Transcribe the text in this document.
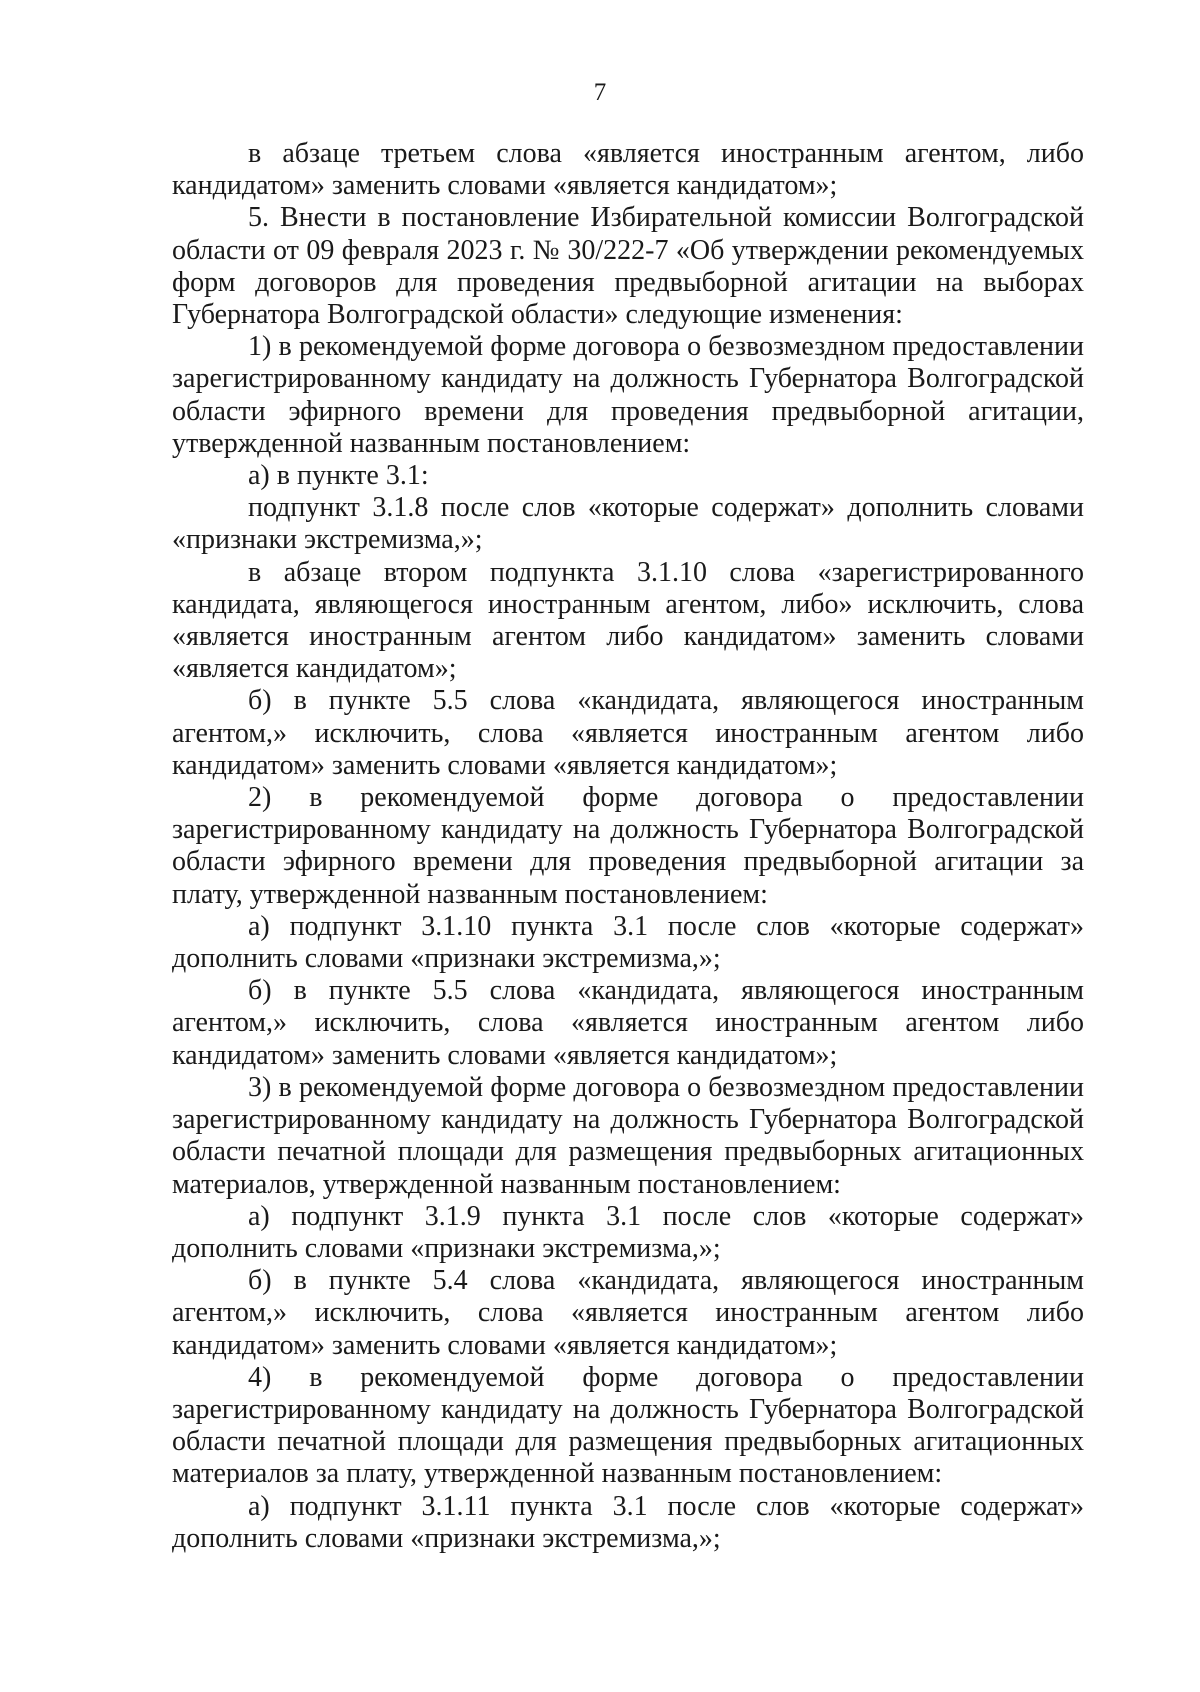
7

в абзаце третьем слова «является иностранным агентом, либо кандидатом» заменить словами «является кандидатом»;

5. Внести в постановление Избирательной комиссии Волгоградской области от 09 февраля 2023 г. № 30/222-7 «Об утверждении рекомендуемых форм договоров для проведения предвыборной агитации на выборах Губернатора Волгоградской области» следующие изменения:

1) в рекомендуемой форме договора о безвозмездном предоставлении зарегистрированному кандидату на должность Губернатора Волгоградской области эфирного времени для проведения предвыборной агитации, утвержденной названным постановлением:

а) в пункте 3.1:

подпункт 3.1.8 после слов «которые содержат» дополнить словами «признаки экстремизма,»;

в абзаце втором подпункта 3.1.10 слова «зарегистрированного кандидата, являющегося иностранным агентом, либо» исключить, слова «является иностранным агентом либо кандидатом» заменить словами «является кандидатом»;

б) в пункте 5.5 слова «кандидата, являющегося иностранным агентом,» исключить, слова «является иностранным агентом либо кандидатом» заменить словами «является кандидатом»;

2) в рекомендуемой форме договора о предоставлении зарегистрированному кандидату на должность Губернатора Волгоградской области эфирного времени для проведения предвыборной агитации за плату, утвержденной названным постановлением:

а) подпункт 3.1.10 пункта 3.1 после слов «которые содержат» дополнить словами «признаки экстремизма,»;

б) в пункте 5.5 слова «кандидата, являющегося иностранным агентом,» исключить, слова «является иностранным агентом либо кандидатом» заменить словами «является кандидатом»;

3) в рекомендуемой форме договора о безвозмездном предоставлении зарегистрированному кандидату на должность Губернатора Волгоградской области печатной площади для размещения предвыборных агитационных материалов, утвержденной названным постановлением:

а) подпункт 3.1.9 пункта 3.1 после слов «которые содержат» дополнить словами «признаки экстремизма,»;

б) в пункте 5.4 слова «кандидата, являющегося иностранным агентом,» исключить, слова «является иностранным агентом либо кандидатом» заменить словами «является кандидатом»;

4) в рекомендуемой форме договора о предоставлении зарегистрированному кандидату на должность Губернатора Волгоградской области печатной площади для размещения предвыборных агитационных материалов за плату, утвержденной названным постановлением:

а) подпункт 3.1.11 пункта 3.1 после слов «которые содержат» дополнить словами «признаки экстремизма,»;
